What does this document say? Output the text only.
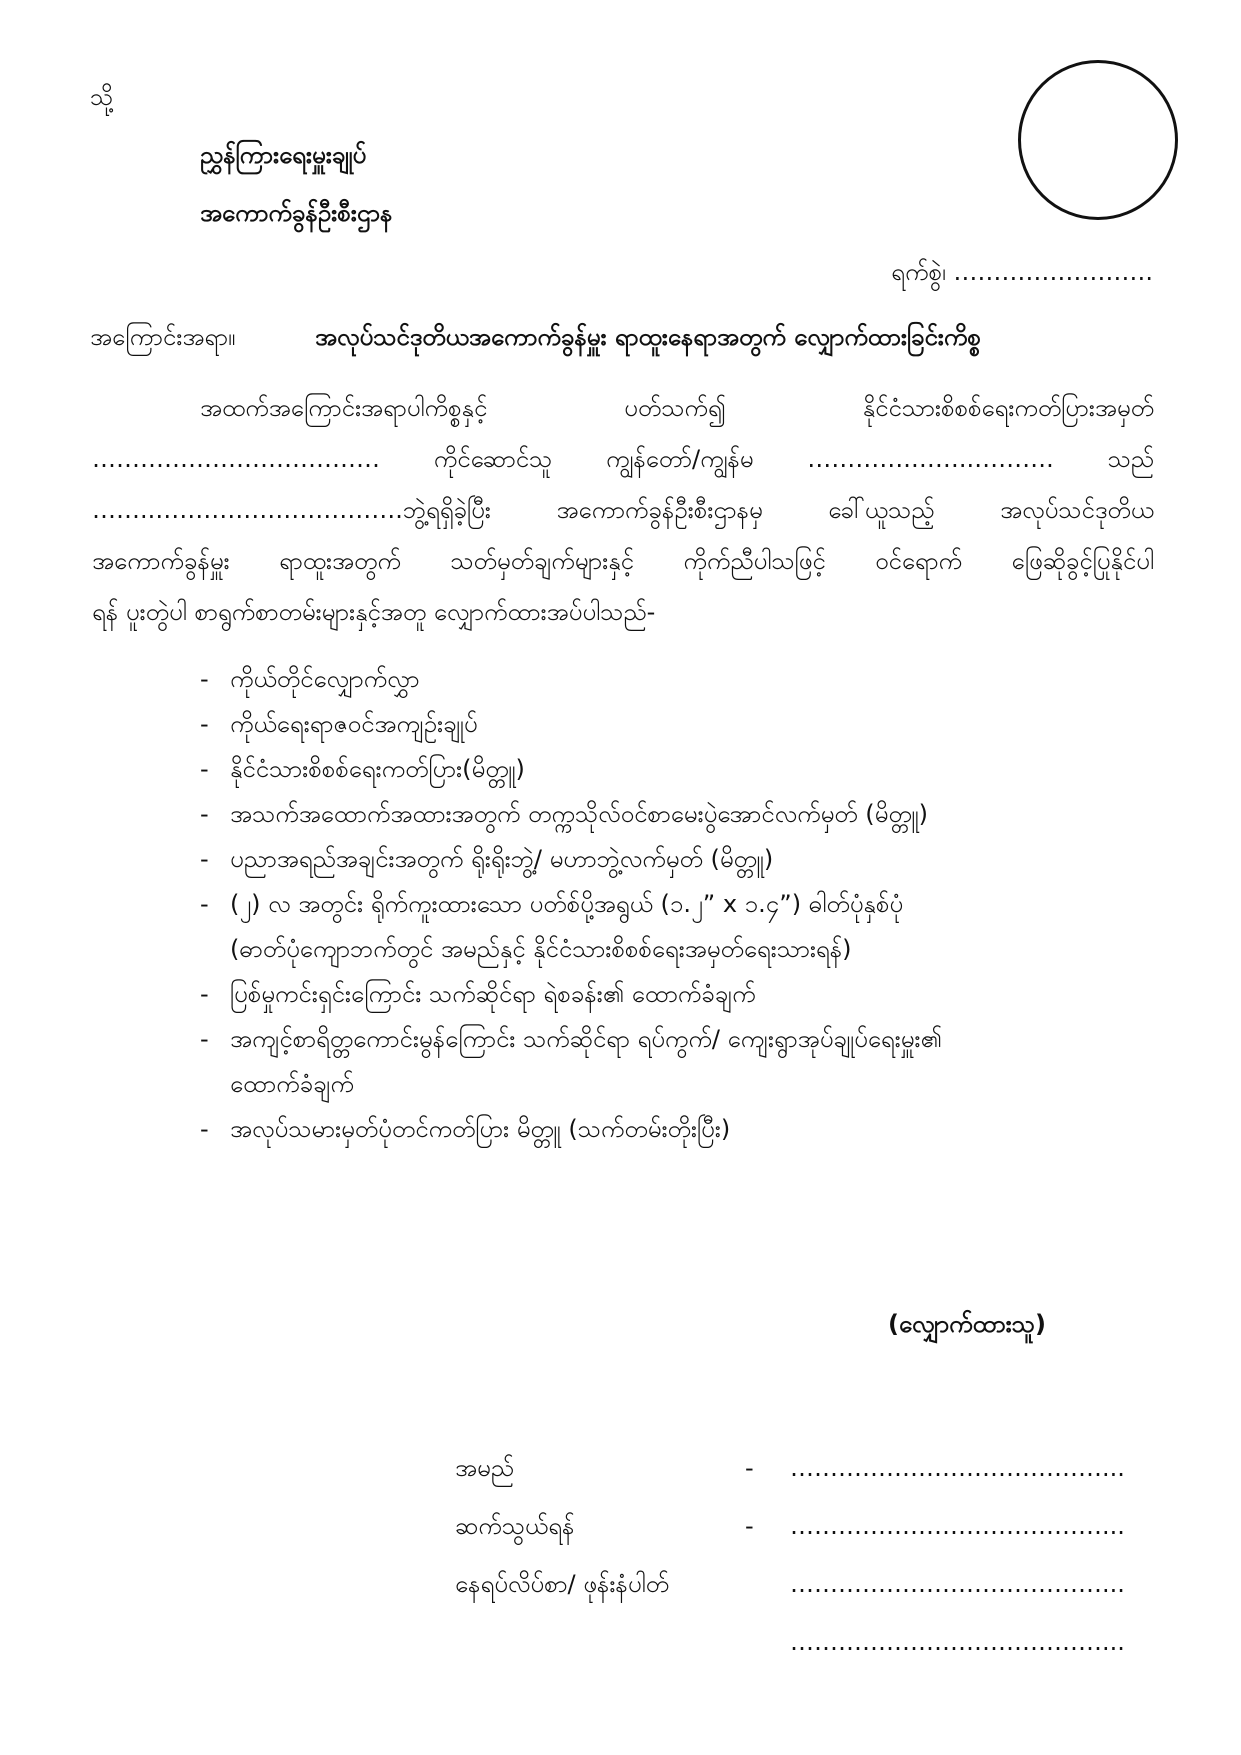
သို့
ညွှန်ကြားရေးမှူးချုပ်
အကောက်ခွန်ဦးစီးဌာန
ရက်စွဲ၊ …………………….
အကြောင်းအရာ။	အလုပ်သင်ဒုတိယအကောက်ခွန်မှူး ရာထူးနေရာအတွက် လျှောက်ထားခြင်းကိစ္စ
အထက်အကြောင်းအရာပါကိစ္စနှင့် ပတ်သက်၍ နိုင်ငံသားစိစစ်ရေးကတ်ပြားအမှတ်
……………………………… ကိုင်ဆောင်သူ ကျွန်တော်/ကျွန်မ ………….……..………. သည်
……..………………………….ဘွဲ့ရရှိခဲ့ပြီး အကောက်ခွန်ဦးစီးဌာနမှ ခေါ်ယူသည့် အလုပ်သင်ဒုတိယ
အကောက်ခွန်မှူး ရာထူးအတွက် သတ်မှတ်ချက်များနှင့် ကိုက်ညီပါသဖြင့် ဝင်ရောက် ဖြေဆိုခွင့်ပြုနိုင်ပါ
ရန် ပူးတွဲပါ စာရွက်စာတမ်းများနှင့်အတူ လျှောက်ထားအပ်ပါသည်-
- ကိုယ်တိုင်လျှောက်လွှာ
- ကိုယ်ရေးရာဇဝင်အကျဉ်းချုပ်
- နိုင်ငံသားစိစစ်ရေးကတ်ပြား(မိတ္တူ)
- အသက်အထောက်အထားအတွက် တက္ကသိုလ်ဝင်စာမေးပွဲအောင်လက်မှတ် (မိတ္တူ)
- ပညာအရည်အချင်းအတွက် ရိုးရိုးဘွဲ့/ မဟာဘွဲ့လက်မှတ် (မိတ္တူ)
- (၂) လ အတွင်း ရိုက်ကူးထားသော ပတ်စ်ပို့အရွယ် (၁.၂” x ၁.၄”) ဓါတ်ပုံနှစ်ပုံ
(ဓာတ်ပုံကျောဘက်တွင် အမည်နှင့် နိုင်ငံသားစိစစ်ရေးအမှတ်ရေးသားရန်)
- ပြစ်မှုကင်းရှင်းကြောင်း သက်ဆိုင်ရာ ရဲစခန်း၏ ထောက်ခံချက်
- အကျင့်စာရိတ္တကောင်းမွန်ကြောင်း သက်ဆိုင်ရာ ရပ်ကွက်/ ကျေးရွာအုပ်ချုပ်ရေးမှူး၏
ထောက်ခံချက်
- အလုပ်သမားမှတ်ပုံတင်ကတ်ပြား မိတ္တူ (သက်တမ်းတိုးပြီး)
(လျှောက်ထားသူ)
အမည်	- …………………………………...
ဆက်သွယ်ရန်	- …………………………………...
နေရပ်လိပ်စာ/ ဖုန်းနံပါတ်	…………………………………...
…………………………………...
